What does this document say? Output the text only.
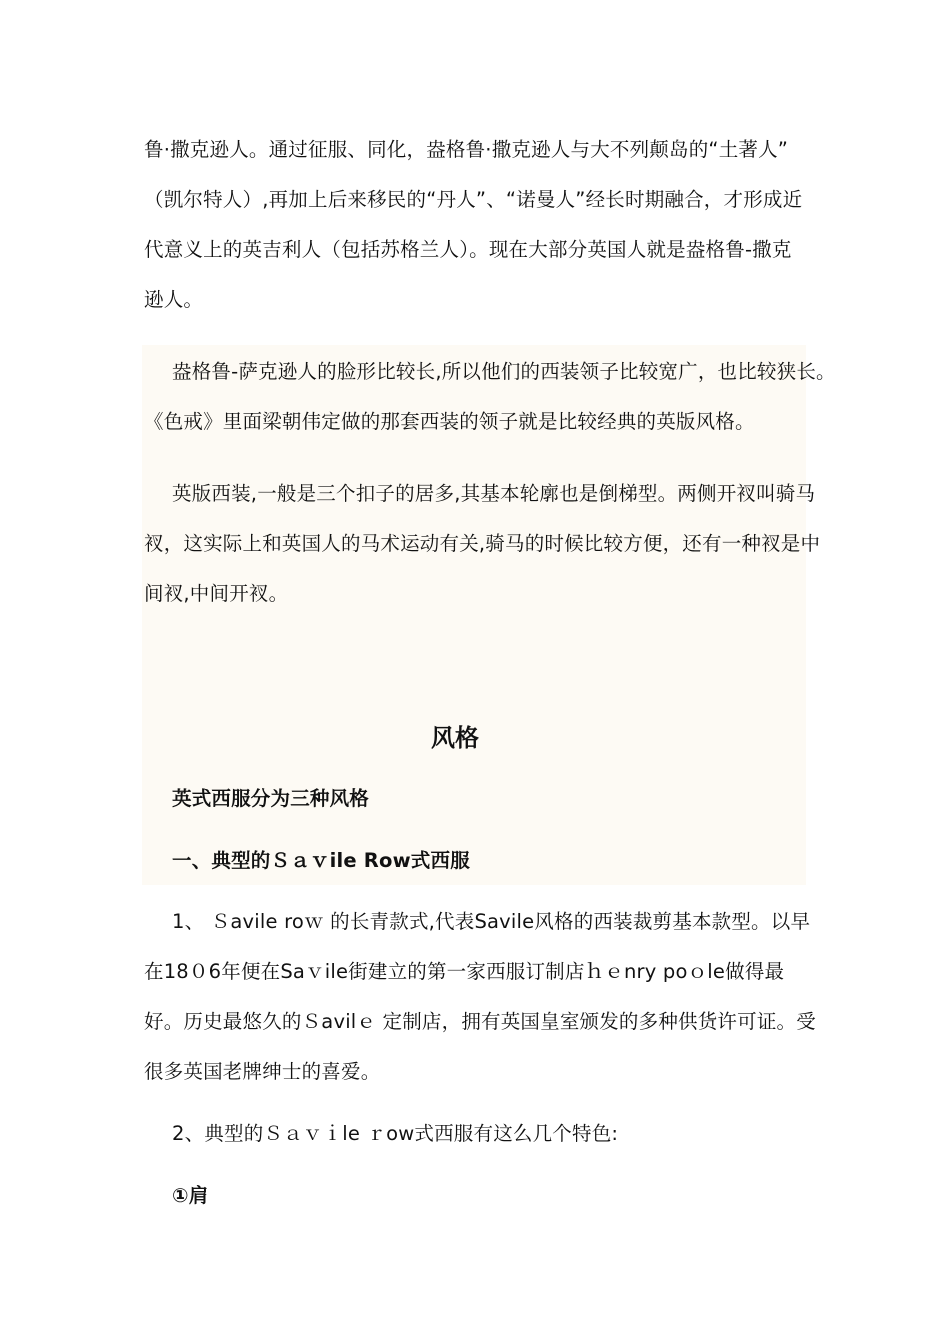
鲁·撒克逊人。通过征服、同化，盎格鲁·撒克逊人与大不列颠岛的“土著人”
（凯尔特人）,再加上后来移民的“丹人”、“诺曼人”经长时期融合，才形成近
代意义上的英吉利人（包括苏格兰人）。现在大部分英国人就是盎格鲁-撒克
逊人。
盎格鲁-萨克逊人的脸形比较长,所以他们的西装领子比较宽广，也比较狭长。
《色戒》里面梁朝伟定做的那套西装的领子就是比较经典的英版风格。
英版西装,一般是三个扣子的居多,其基本轮廓也是倒梯型。两侧开衩叫骑马
衩，这实际上和英国人的马术运动有关,骑马的时候比较方便，还有一种衩是中
间衩,中间开衩。
风格
英式西服分为三种风格
一、典型的Ｓａｖile Row式西服
1、 Ｓavile roｗ 的长青款式,代表Savile风格的西装裁剪基本款型。以早
在18０6年便在Saｖile街建立的第一家西服订制店ｈｅnry poｏle做得最
好。历史最悠久的Ｓavilｅ 定制店，拥有英国皇室颁发的多种供货许可证。受
很多英国老牌绅士的喜爱。
2、典型的Ｓａｖｉle ｒow式西服有这么几个特色:
①肩
